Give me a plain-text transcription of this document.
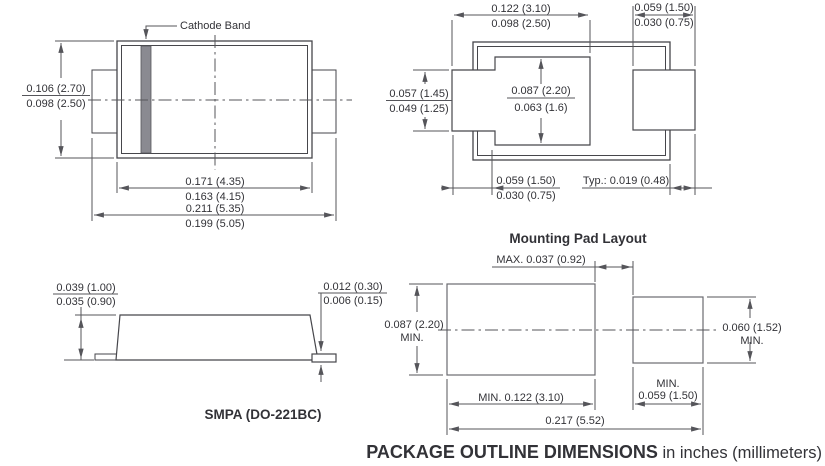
Cathode Band
0.106 (2.70)
0.098 (2.50)
0.171 (4.35)
0.163 (4.15)
0.211 (5.35)
0.199 (5.05)
0.122 (3.10)
0.098 (2.50)
0.059 (1.50)
0.030 (0.75)
0.057 (1.45)
0.049 (1.25)
0.087 (2.20)
0.063 (1.6)
0.059 (1.50)
0.030 (0.75)
Typ.: 0.019 (0.48)
0.039 (1.00)
0.035 (0.90)
0.012 (0.30)
0.006 (0.15)
SMPA (DO-221BC)
Mounting Pad Layout
MAX. 0.037 (0.92)
0.087 (2.20)
MIN.
0.060 (1.52)
MIN.
MIN. 0.122 (3.10)
MIN.
0.059 (1.50)
0.217 (5.52)
PACKAGE OUTLINE DIMENSIONS in inches (millimeters)
